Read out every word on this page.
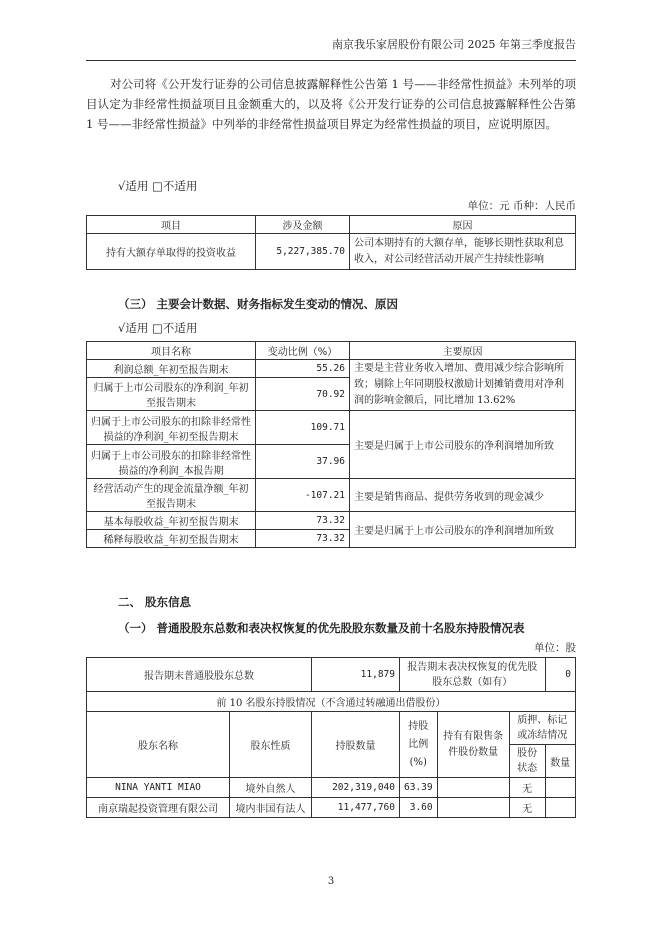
南京我乐家居股份有限公司 2025 年第三季度报告
对公司将《公开发行证券的公司信息披露解释性公告第 1 号——非经常性损益》未列举的项目认定为非经常性损益项目且金额重大的，以及将《公开发行证券的公司信息披露解释性公告第 1 号——非经常性损益》中列举的非经常性损益项目界定为经常性损益的项目，应说明原因。
√适用 □不适用
单位：元 币种：人民币
项目	涉及金额	原因
持有大额存单取得的投资收益	5,227,385.70	公司本期持有的大额存单，能够长期性获取利息收入，对公司经营活动开展产生持续性影响
（三） 主要会计数据、财务指标发生变动的情况、原因
√适用 □不适用
项目名称	变动比例（%）	主要原因
利润总额_年初至报告期末	55.26	主要是主营业务收入增加、费用减少综合影响所致；剔除上年同期股权激励计划摊销费用对净利润的影响金额后，同比增加 13.62%
归属于上市公司股东的净利润_年初至报告期末	70.92	
归属于上市公司股东的扣除非经常性损益的净利润_年初至报告期末	109.71	主要是归属于上市公司股东的净利润增加所致
归属于上市公司股东的扣除非经常性损益的净利润_本报告期	37.96	
经营活动产生的现金流量净额_年初至报告期末	-107.21	主要是销售商品、提供劳务收到的现金减少
基本每股收益_年初至报告期末	73.32	主要是归属于上市公司股东的净利润增加所致
稀释每股收益_年初至报告期末	73.32	
二、 股东信息
（一） 普通股股东总数和表决权恢复的优先股股东数量及前十名股东持股情况表
单位：股
报告期末普通股股东总数		11,879	报告期末表决权恢复的优先股股东总数（如有）			0
前 10 名股东持股情况（不含通过转融通出借股份）						
股东名称	股东性质	持股数量	持股比例(%)	持有有限售条件股份数量	质押、标记或冻结情况	
					股份状态	数量
NINA YANTI MIAO	境外自然人	202,319,040	63.39		无	
南京瑞起投资管理有限公司	境内非国有法人	11,477,760	3.60		无	
3
